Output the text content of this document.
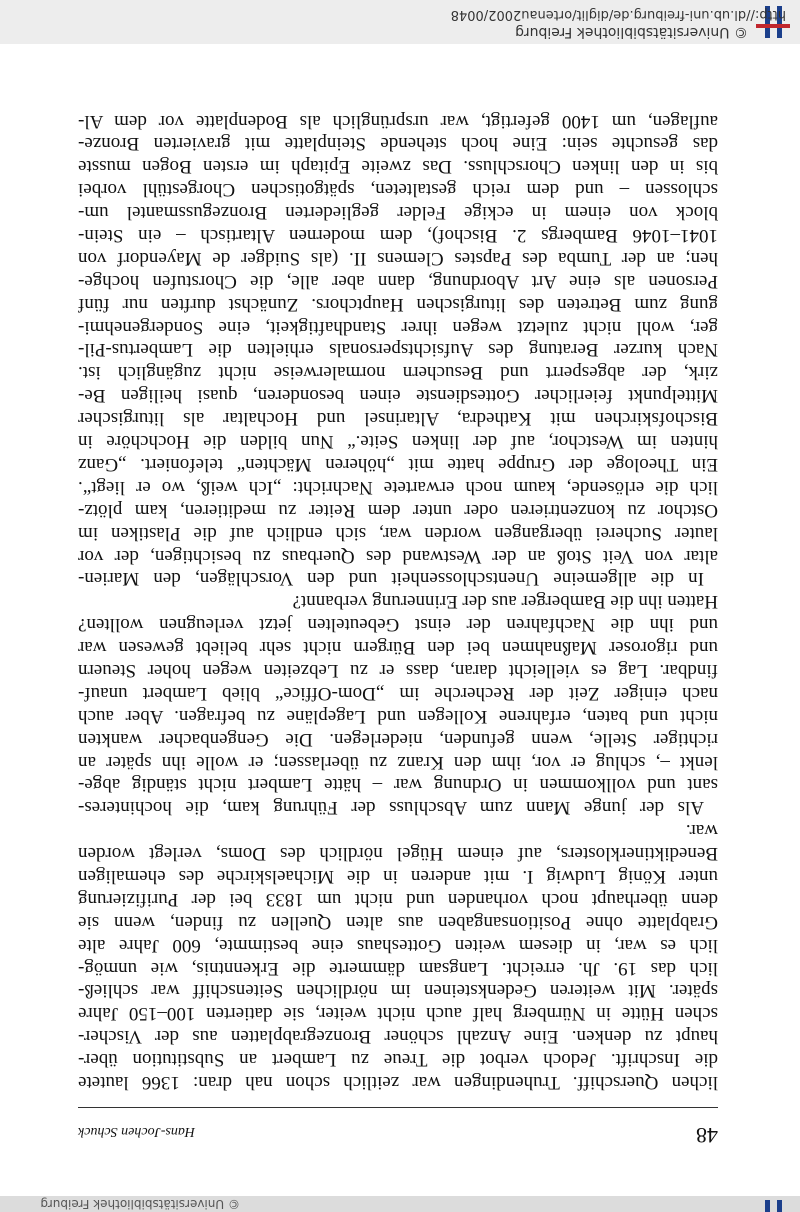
© Universitätsbibliothek Freiburg
http://dl.ub.uni-freiburg.de/diglit/ortenau2002/0048
© Universitätsbibliothek Freiburg
48
Hans-Jochen Schuck
lichen Querschiff. Truhendingen war zeitlich schon nah dran: 1366 lautete
die Inschrift. Jedoch verbot die Treue zu Lambert an Substitution über-
haupt zu denken. Eine Anzahl schöner Bronzegrabplatten aus der Vischer-
schen Hütte in Nürnberg half auch nicht weiter, sie datierten 100–150 Jahre
später. Mit weiteren Gedenksteinen im nördlichen Seitenschiff war schließ-
lich das 19. Jh. erreicht. Langsam dämmerte die Erkenntnis, wie unmög-
lich es war, in diesem weiten Gotteshaus eine bestimmte, 600 Jahre alte
Grabplatte ohne Positionsangaben aus alten Quellen zu finden, wenn sie
denn überhaupt noch vorhanden und nicht um 1833 bei der Purifizierung
unter König Ludwig I. mit anderen in die Michaelskirche des ehemaligen
Benediktinerklosters, auf einem Hügel nördlich des Doms, verlegt worden
war.
Als der junge Mann zum Abschluss der Führung kam, die hochinteres-
sant und vollkommen in Ordnung war – hätte Lambert nicht ständig abge-
lenkt –, schlug er vor, ihm den Kranz zu überlassen; er wolle ihn später an
richtiger Stelle, wenn gefunden, niederlegen. Die Gengenbacher wankten
nicht und baten, erfahrene Kollegen und Lagepläne zu befragen. Aber auch
nach einiger Zeit der Recherche im „Dom-Office“ blieb Lambert unauf-
findbar. Lag es vielleicht daran, dass er zu Lebzeiten wegen hoher Steuern
und rigoroser Maßnahmen bei den Bürgern nicht sehr beliebt gewesen war
und ihn die Nachfahren der einst Gebeutelten jetzt verleugnen wollten?
Hatten ihn die Bamberger aus der Erinnerung verbannt?
In die allgemeine Unentschlossenheit und den Vorschlägen, den Marien-
altar von Veit Stoß an der Westwand des Querbaus zu besichtigen, der vor
lauter Sucherei übergangen worden war, sich endlich auf die Plastiken im
Ostchor zu konzentrieren oder unter dem Reiter zu meditieren, kam plötz-
lich die erlösende, kaum noch erwartete Nachricht: „Ich weiß, wo er liegt“.
Ein Theologe der Gruppe hatte mit „höheren Mächten“ telefoniert. „Ganz
hinten im Westchor, auf der linken Seite.“ Nun bilden die Hochchöre in
Bischofskirchen mit Kathedra, Altarinsel und Hochaltar als liturgischer
Mittelpunkt feierlicher Gottesdienste einen besonderen, quasi heiligen Be-
zirk, der abgesperrt und Besuchern normalerweise nicht zugänglich ist.
Nach kurzer Beratung des Aufsichtspersonals erhielten die Lambertus-Pil-
ger, wohl nicht zuletzt wegen ihrer Standhaftigkeit, eine Sondergenehmi-
gung zum Betreten des liturgischen Hauptchors. Zunächst durften nur fünf
Personen als eine Art Abordnung, dann aber alle, die Chorstufen hochge-
hen; an der Tumba des Papstes Clemens II. (als Suidger de Mayendorf von
1041–1046 Bambergs 2. Bischof), dem modernen Altartisch – ein Stein-
block von einem in eckige Felder gegliederten Bronzegussmantel um-
schlossen – und dem reich gestalteten, spätgotischen Chorgestühl vorbei
bis in den linken Chorschluss. Das zweite Epitaph im ersten Bogen musste
das gesuchte sein: Eine hoch stehende Steinplatte mit gravierten Bronze-
auflagen, um 1400 gefertigt, war ursprünglich als Bodenplatte vor dem Al-
